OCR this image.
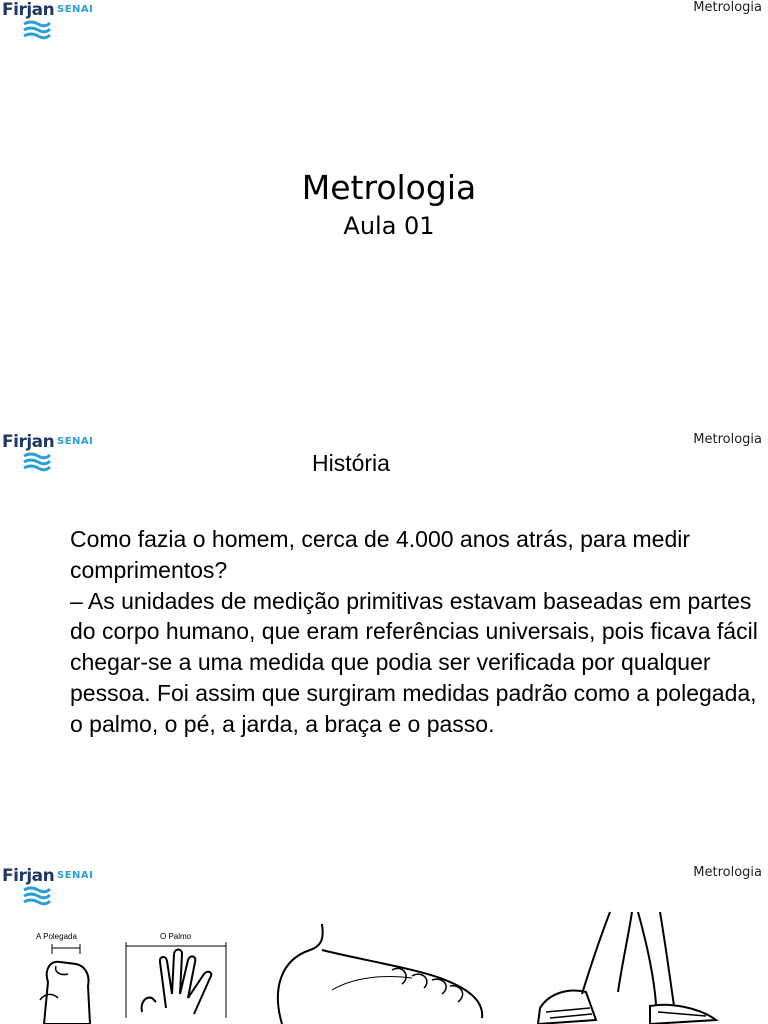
Firjan SENAI	Metrologia
Metrologia
Aula 01
Firjan SENAI	Metrologia
História

Como fazia o homem, cerca de 4.000 anos atrás, para medir comprimentos?

– As unidades de medição primitivas estavam baseadas em partes do corpo humano, que eram referências universais, pois ficava fácil chegar-se a uma medida que podia ser verificada por qualquer pessoa. Foi assim que surgiram medidas padrão como a polegada, o palmo, o pé, a jarda, a braça e o passo.

Firjan SENAI	Metrologia
A Polegada	O Palmo
